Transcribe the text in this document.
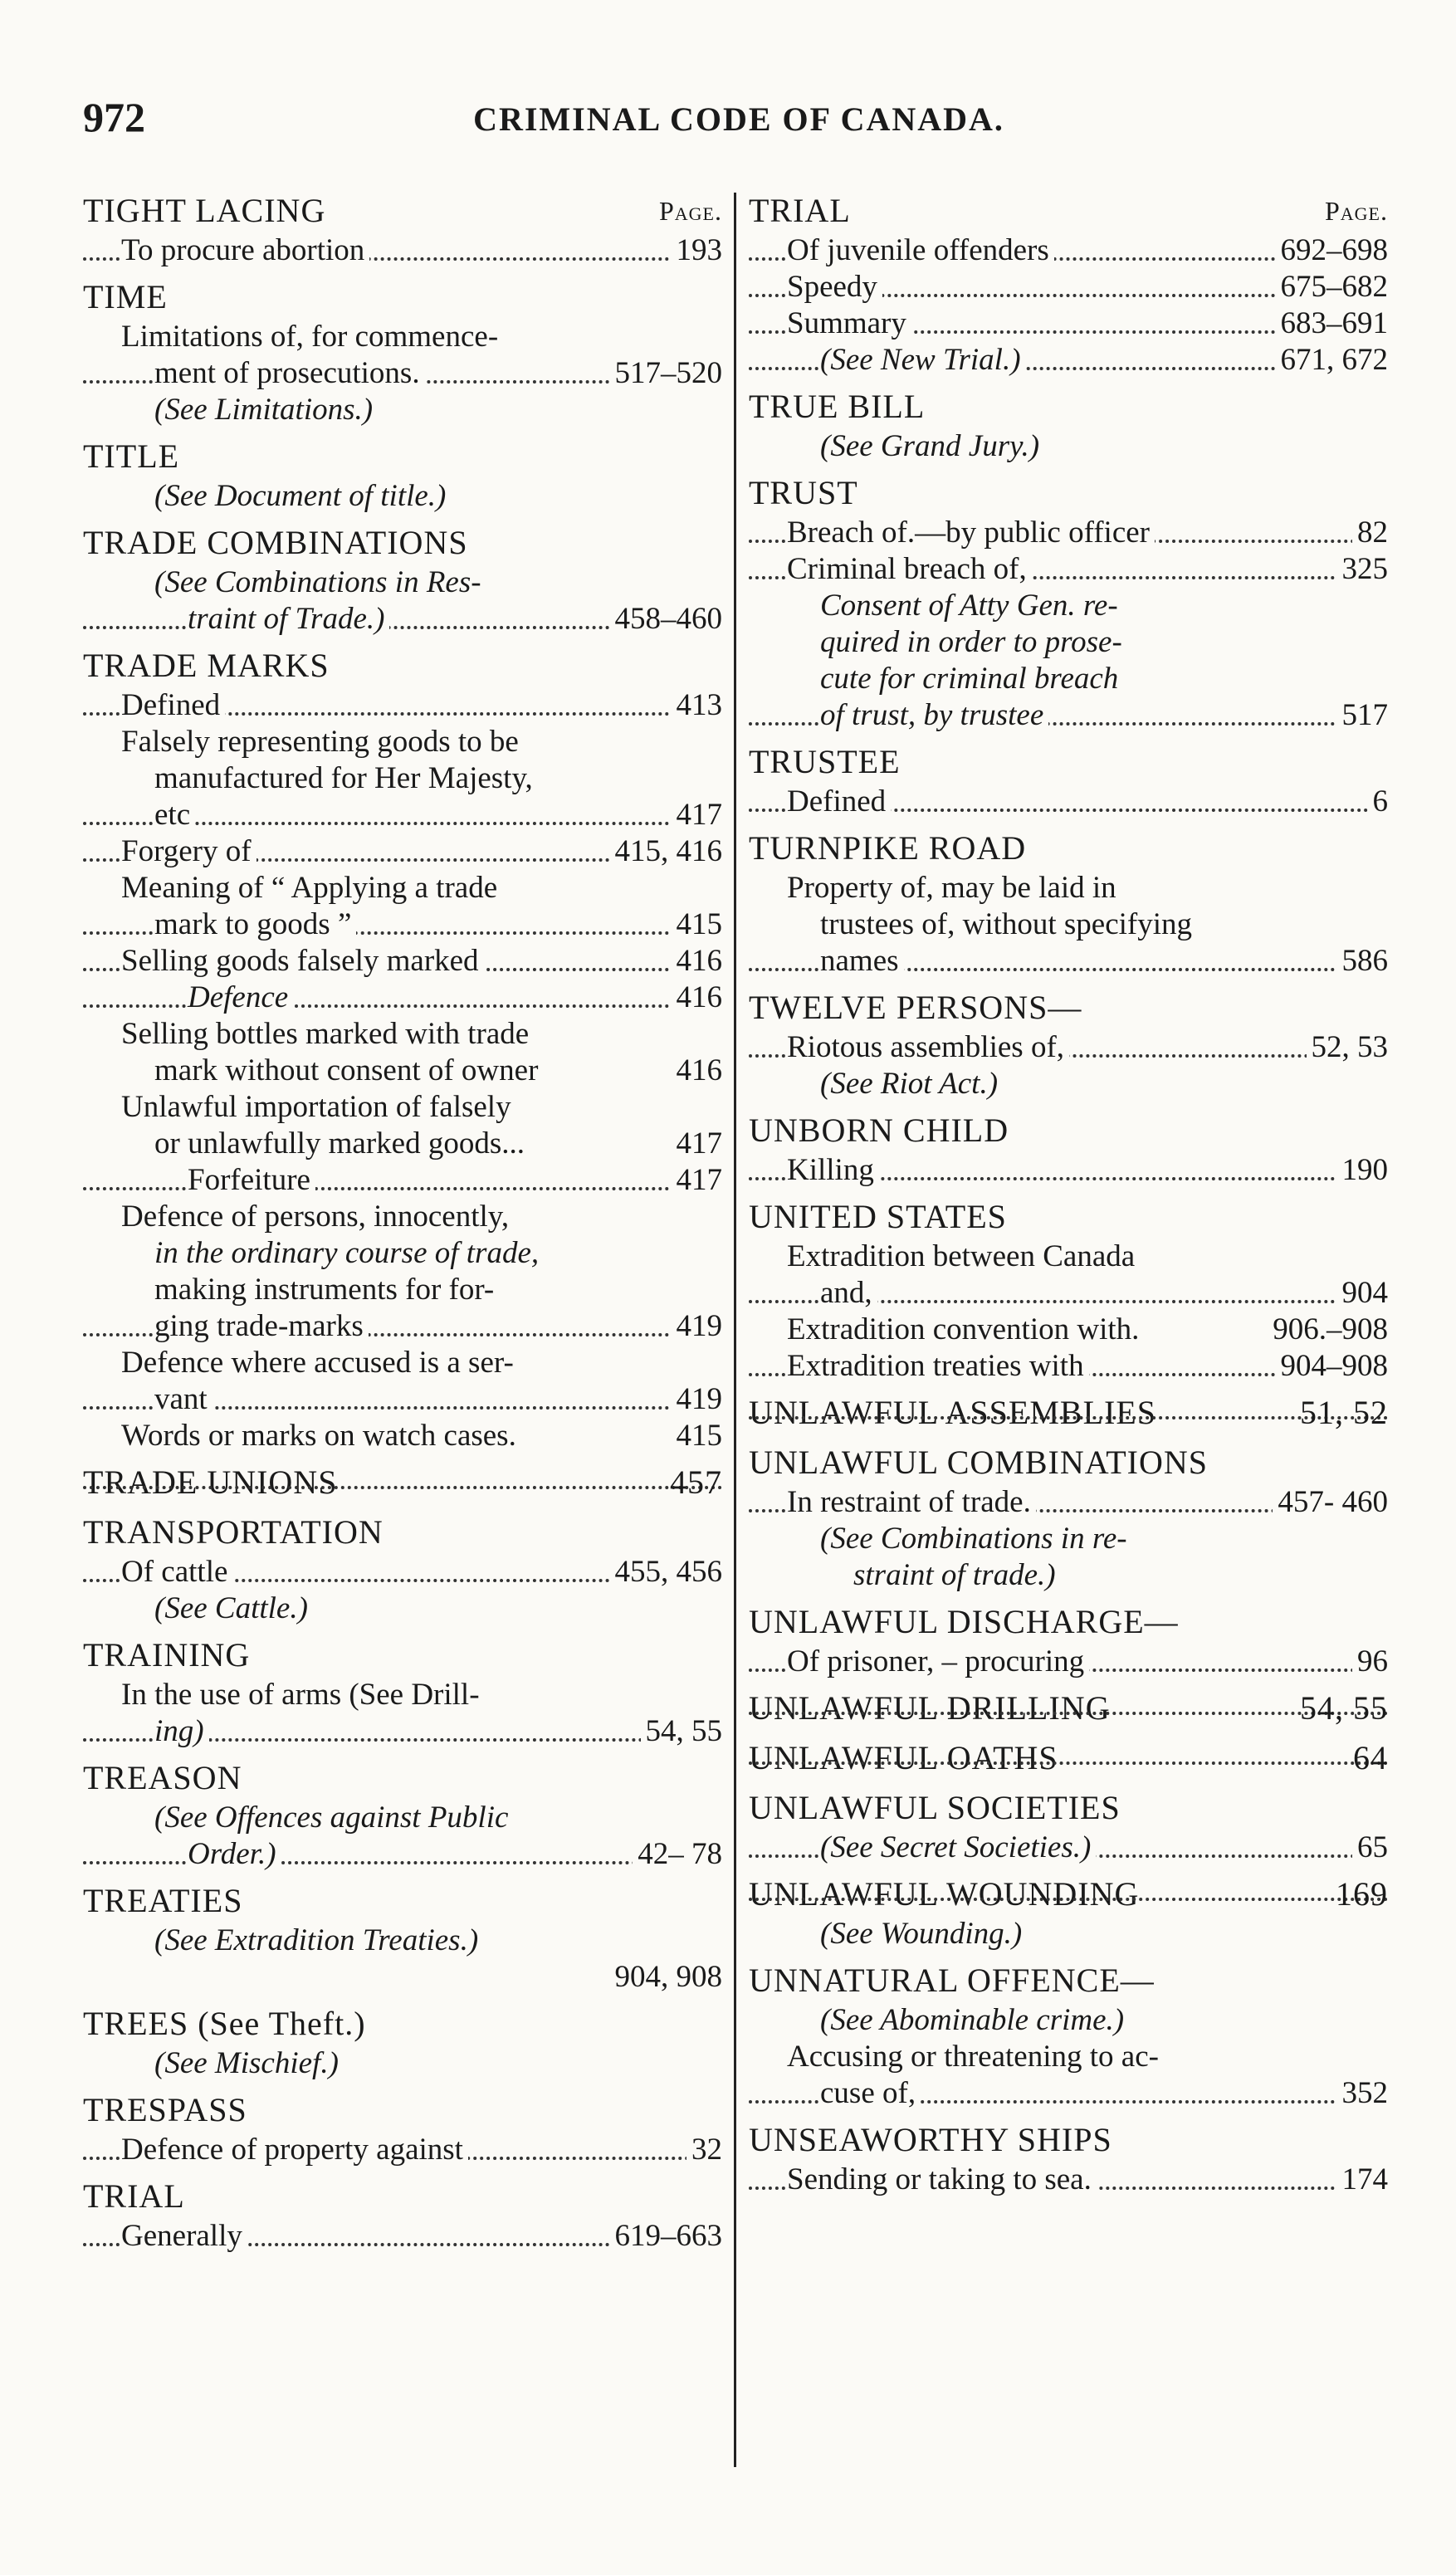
972	CRIMINAL CODE OF CANADA.
TIGHT LACING	Page.
To procure abortion	193
TIME
Limitations of, for commence-
ment of prosecutions.	517–520
(See Limitations.)
TITLE
(See Document of title.)
TRADE COMBINATIONS
(See Combinations in Res-
traint of Trade.)	458–460
TRADE MARKS
Defined	413
Falsely representing goods to be
manufactured for Her Majesty,
etc	417
Forgery of	415, 416
Meaning of “ Applying a trade
mark to goods ”	415
Selling goods falsely marked	416
Defence	416
Selling bottles marked with trade
mark without consent of owner	416
Unlawful importation of falsely
or unlawfully marked goods...	417
Forfeiture	417
Defence of persons, innocently,
in the ordinary course of trade,
making instruments for for-
ging trade-marks	419
Defence where accused is a ser-
vant	419
Words or marks on watch cases.	415
TRADE UNIONS	457
TRANSPORTATION
Of cattle	455, 456
(See Cattle.)
TRAINING
In the use of arms (See Drill-
ing)	54, 55
TREASON
(See Offences against Public
Order.)	42– 78
TREATIES
(See Extradition Treaties.)
904, 908
TREES (See Theft.)
(See Mischief.)
TRESPASS
Defence of property against	32
TRIAL
Generally	619–663
TRIAL	Page.
Of juvenile offenders	692–698
Speedy	675–682
Summary	683–691
(See New Trial.)	671, 672
TRUE BILL
(See Grand Jury.)
TRUST
Breach of.—by public officer	82
Criminal breach of,	325
Consent of Atty Gen. re-
quired in order to prose-
cute for criminal breach
of trust, by trustee	517
TRUSTEE
Defined	6
TURNPIKE ROAD
Property of, may be laid in
trustees of, without specifying
names	586
TWELVE PERSONS—
Riotous assemblies of,	52, 53
(See Riot Act.)
UNBORN CHILD
Killing	190
UNITED STATES
Extradition between Canada
and,	904
Extradition convention with.	906.–908
Extradition treaties with	904–908
UNLAWFUL ASSEMBLIES	51, 52
UNLAWFUL COMBINATIONS
In restraint of trade.	457- 460
(See Combinations in re-
straint of trade.)
UNLAWFUL DISCHARGE—
Of prisoner, – procuring	96
UNLAWFUL DRILLING	54, 55
UNLAWFUL OATHS	64
UNLAWFUL SOCIETIES
(See Secret Societies.)	65
UNLAWFUL WOUNDING	169
(See Wounding.)
UNNATURAL OFFENCE—
(See Abominable crime.)
Accusing or threatening to ac-
cuse of,	352
UNSEAWORTHY SHIPS
Sending or taking to sea.	174
